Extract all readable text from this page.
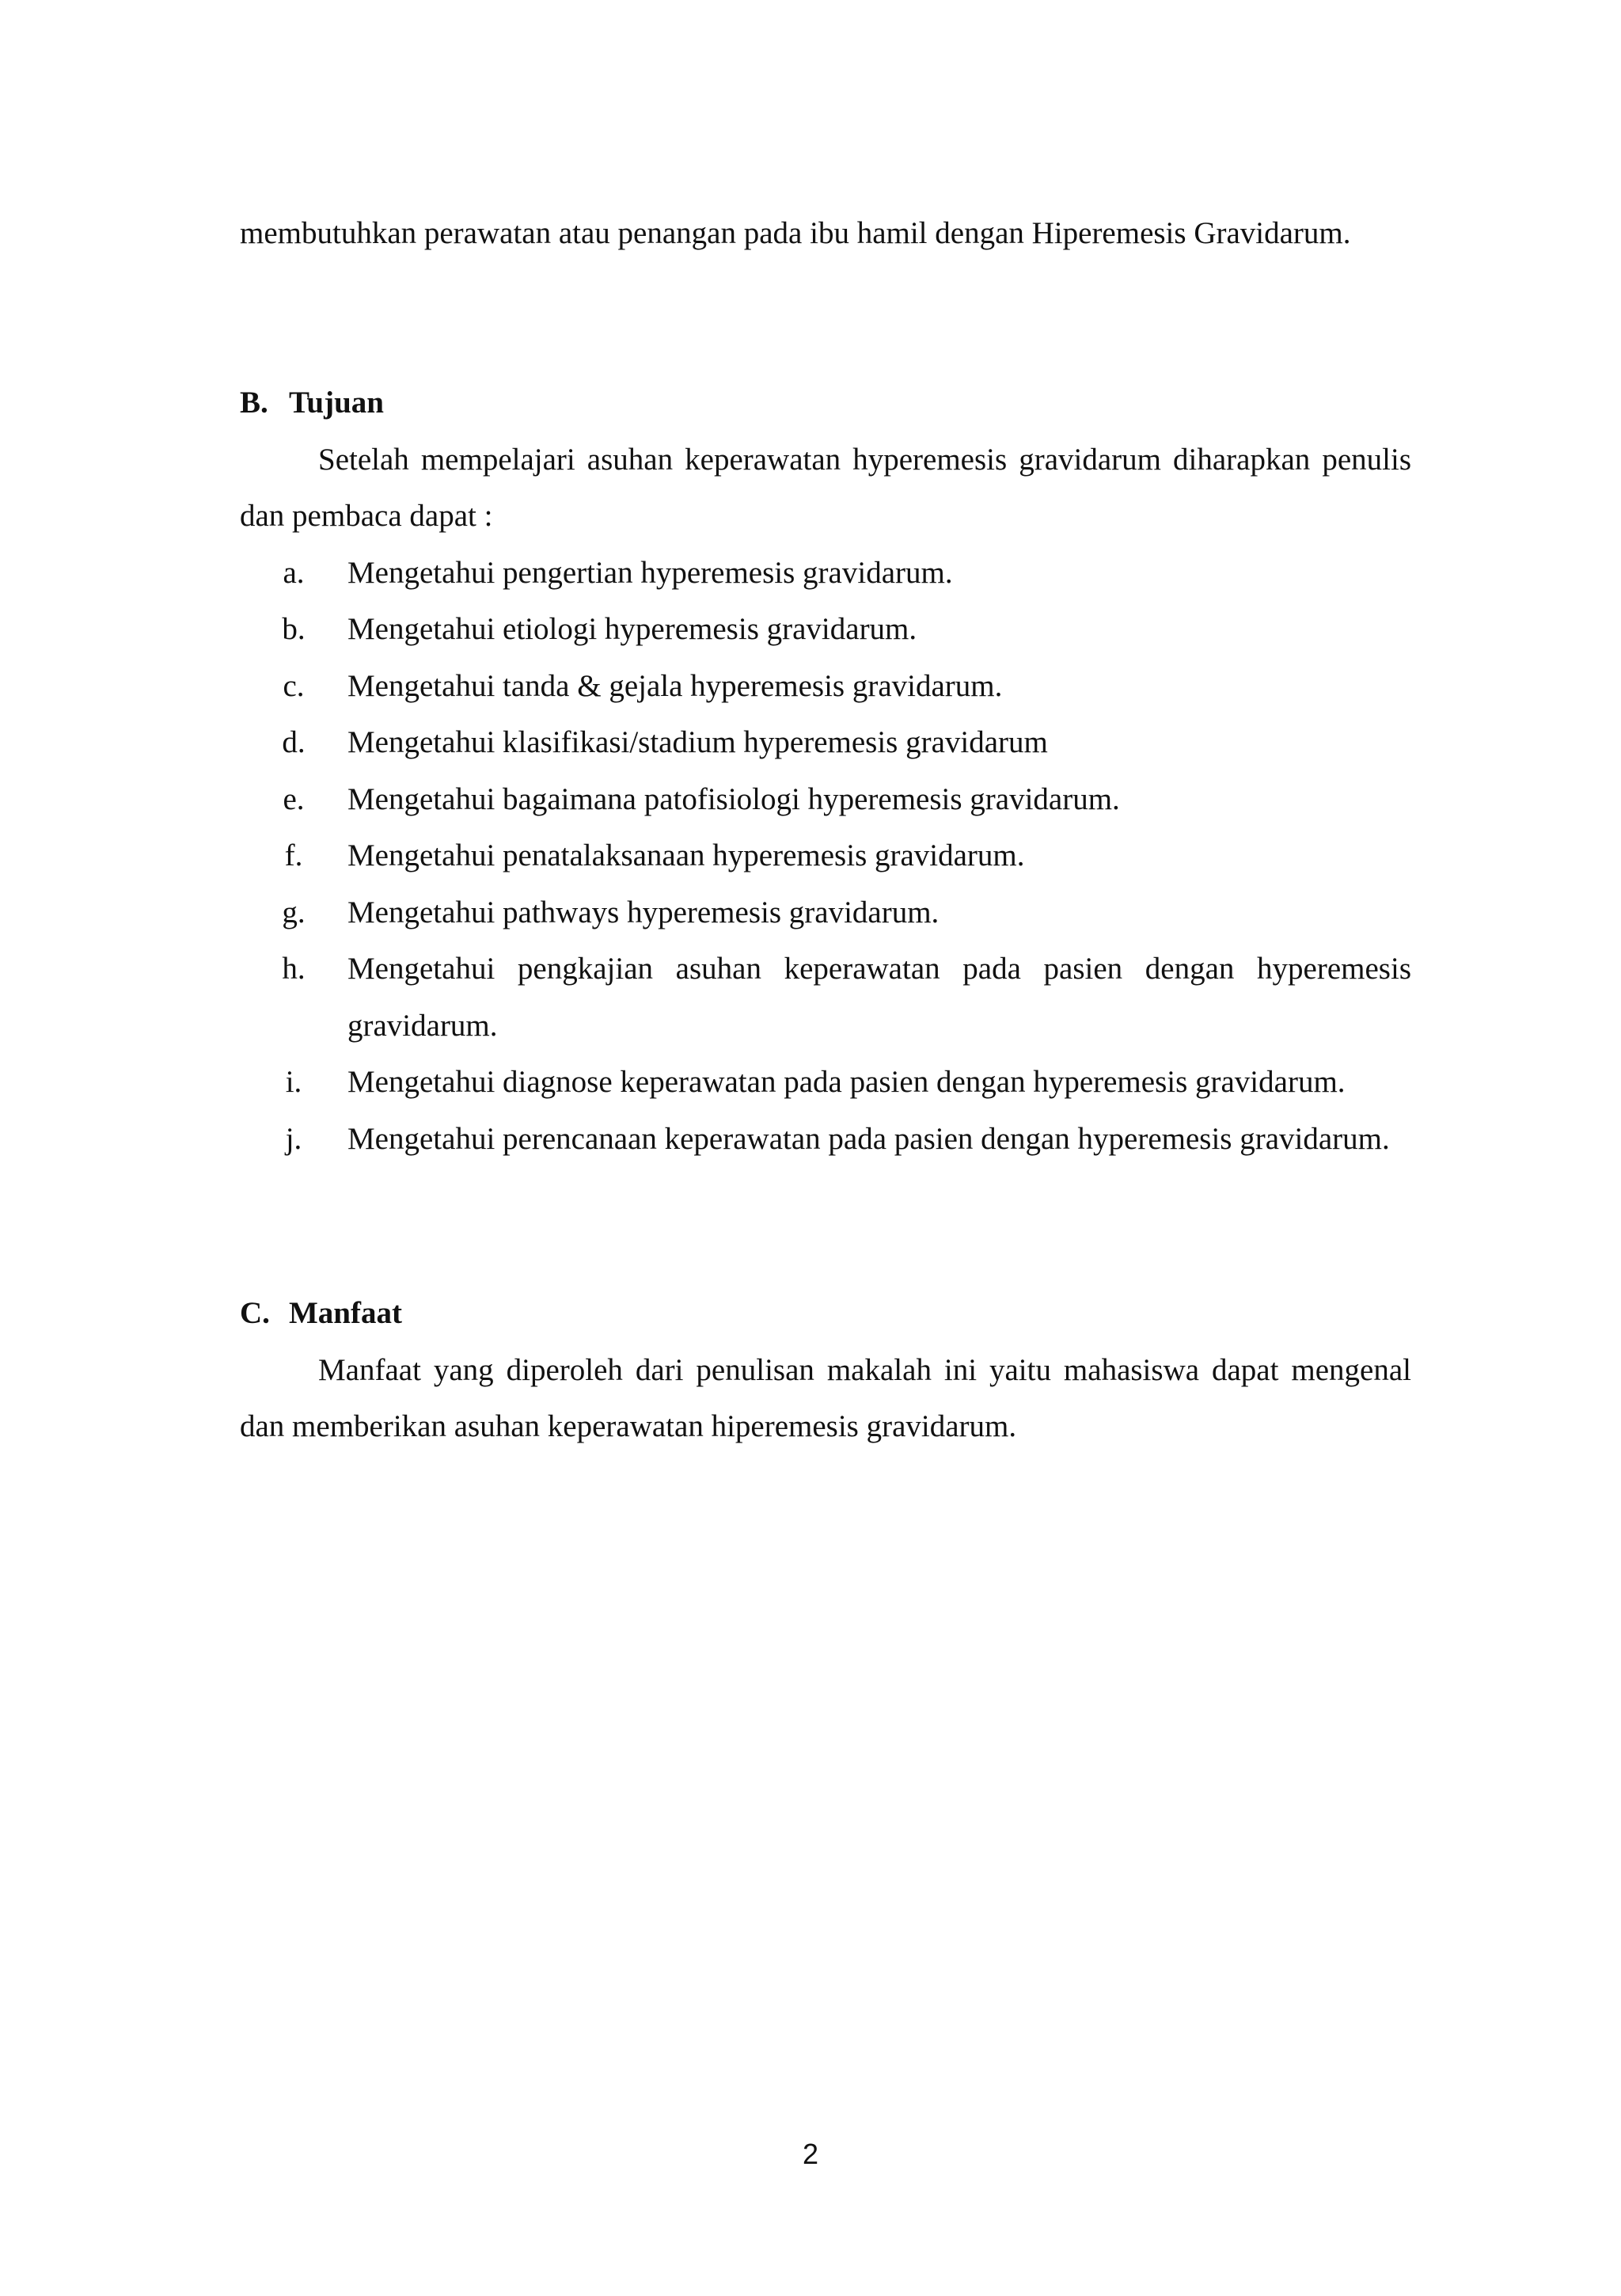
membutuhkan perawatan atau penangan pada ibu hamil dengan Hiperemesis Gravidarum.

B. Tujuan

Setelah mempelajari asuhan keperawatan hyperemesis gravidarum diharapkan penulis dan pembaca dapat :

a.	Mengetahui pengertian hyperemesis gravidarum.
b.	Mengetahui etiologi hyperemesis gravidarum.
c.	Mengetahui tanda & gejala hyperemesis gravidarum.
d.	Mengetahui klasifikasi/stadium hyperemesis gravidarum
e.	Mengetahui bagaimana patofisiologi hyperemesis gravidarum.
f.	Mengetahui penatalaksanaan hyperemesis gravidarum.
g.	Mengetahui pathways hyperemesis gravidarum.
h.	Mengetahui pengkajian asuhan keperawatan pada pasien dengan hyperemesis gravidarum.
i.	Mengetahui diagnose keperawatan pada pasien dengan hyperemesis gravidarum.
j.	Mengetahui perencanaan keperawatan pada pasien dengan hyperemesis gravidarum.
C. Manfaat

Manfaat yang diperoleh dari penulisan makalah ini yaitu mahasiswa dapat mengenal dan memberikan asuhan keperawatan hiperemesis gravidarum.

2
